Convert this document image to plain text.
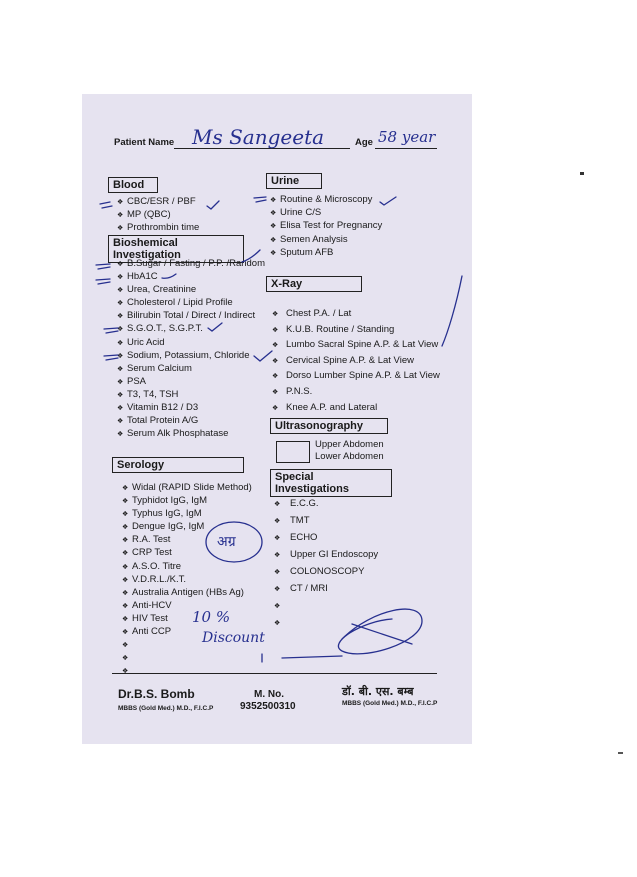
Patient Name Ms Sangeeta	Age 58 year
Blood
❖ CBC/ESR / PBF
❖ MP (QBC)
❖ Prothrombin time
Bioshemical Investigation
❖ B.Sugar / Fasting / P.P. /Random
❖ HbA1C
❖ Urea, Creatinine
❖ Cholesterol / Lipid Profile
❖ Bilirubin Total / Direct / Indirect
❖ S.G.O.T., S.G.P.T.
❖ Uric Acid
❖ Sodium, Potassium, Chloride
❖ Serum Calcium
❖ PSA
❖ T3, T4, TSH
❖ Vitamin B12 / D3
❖ Total Protein A/G
❖ Serum Alk Phosphatase
Serology
❖ Widal (RAPID Slide Method)
❖ Typhidot IgG, IgM
❖ Typhus IgG, IgM
❖ Dengue IgG, IgM
❖ R.A. Test
❖ CRP Test
❖ A.S.O. Titre
❖ V.D.R.L./K.T.
❖ Australia Antigen (HBs Ag)
❖ Anti-HCV
❖ HIV Test
❖ Anti CCP
❖
❖
❖
Urine
❖ Routine & Microscopy
❖ Urine C/S
❖ Elisa Test for Pregnancy
❖ Semen Analysis
❖ Sputum AFB
X-Ray
❖ Chest P.A. / Lat
❖ K.U.B. Routine / Standing
❖ Lumbo Sacral Spine A.P. & Lat View
❖ Cervical Spine A.P. & Lat View
❖ Dorso Lumber Spine A.P. & Lat View
❖ P.N.S.
❖ Knee A.P. and Lateral
Ultrasonography
Upper Abdomen
Lower Abdomen
Special Investigations
❖ E.C.G.
❖ TMT
❖ ECHO
❖ Upper GI Endoscopy
❖ COLONOSCOPY
❖ CT / MRI
❖
❖
अग्र
10 %
Discount
Dr.B.S. Bomb
MBBS (Gold Med.) M.D., F.I.C.P
M. No.
9352500310
डॉ. बी. एस. बम्ब
MBBS (Gold Med.) M.D., F.I.C.P
